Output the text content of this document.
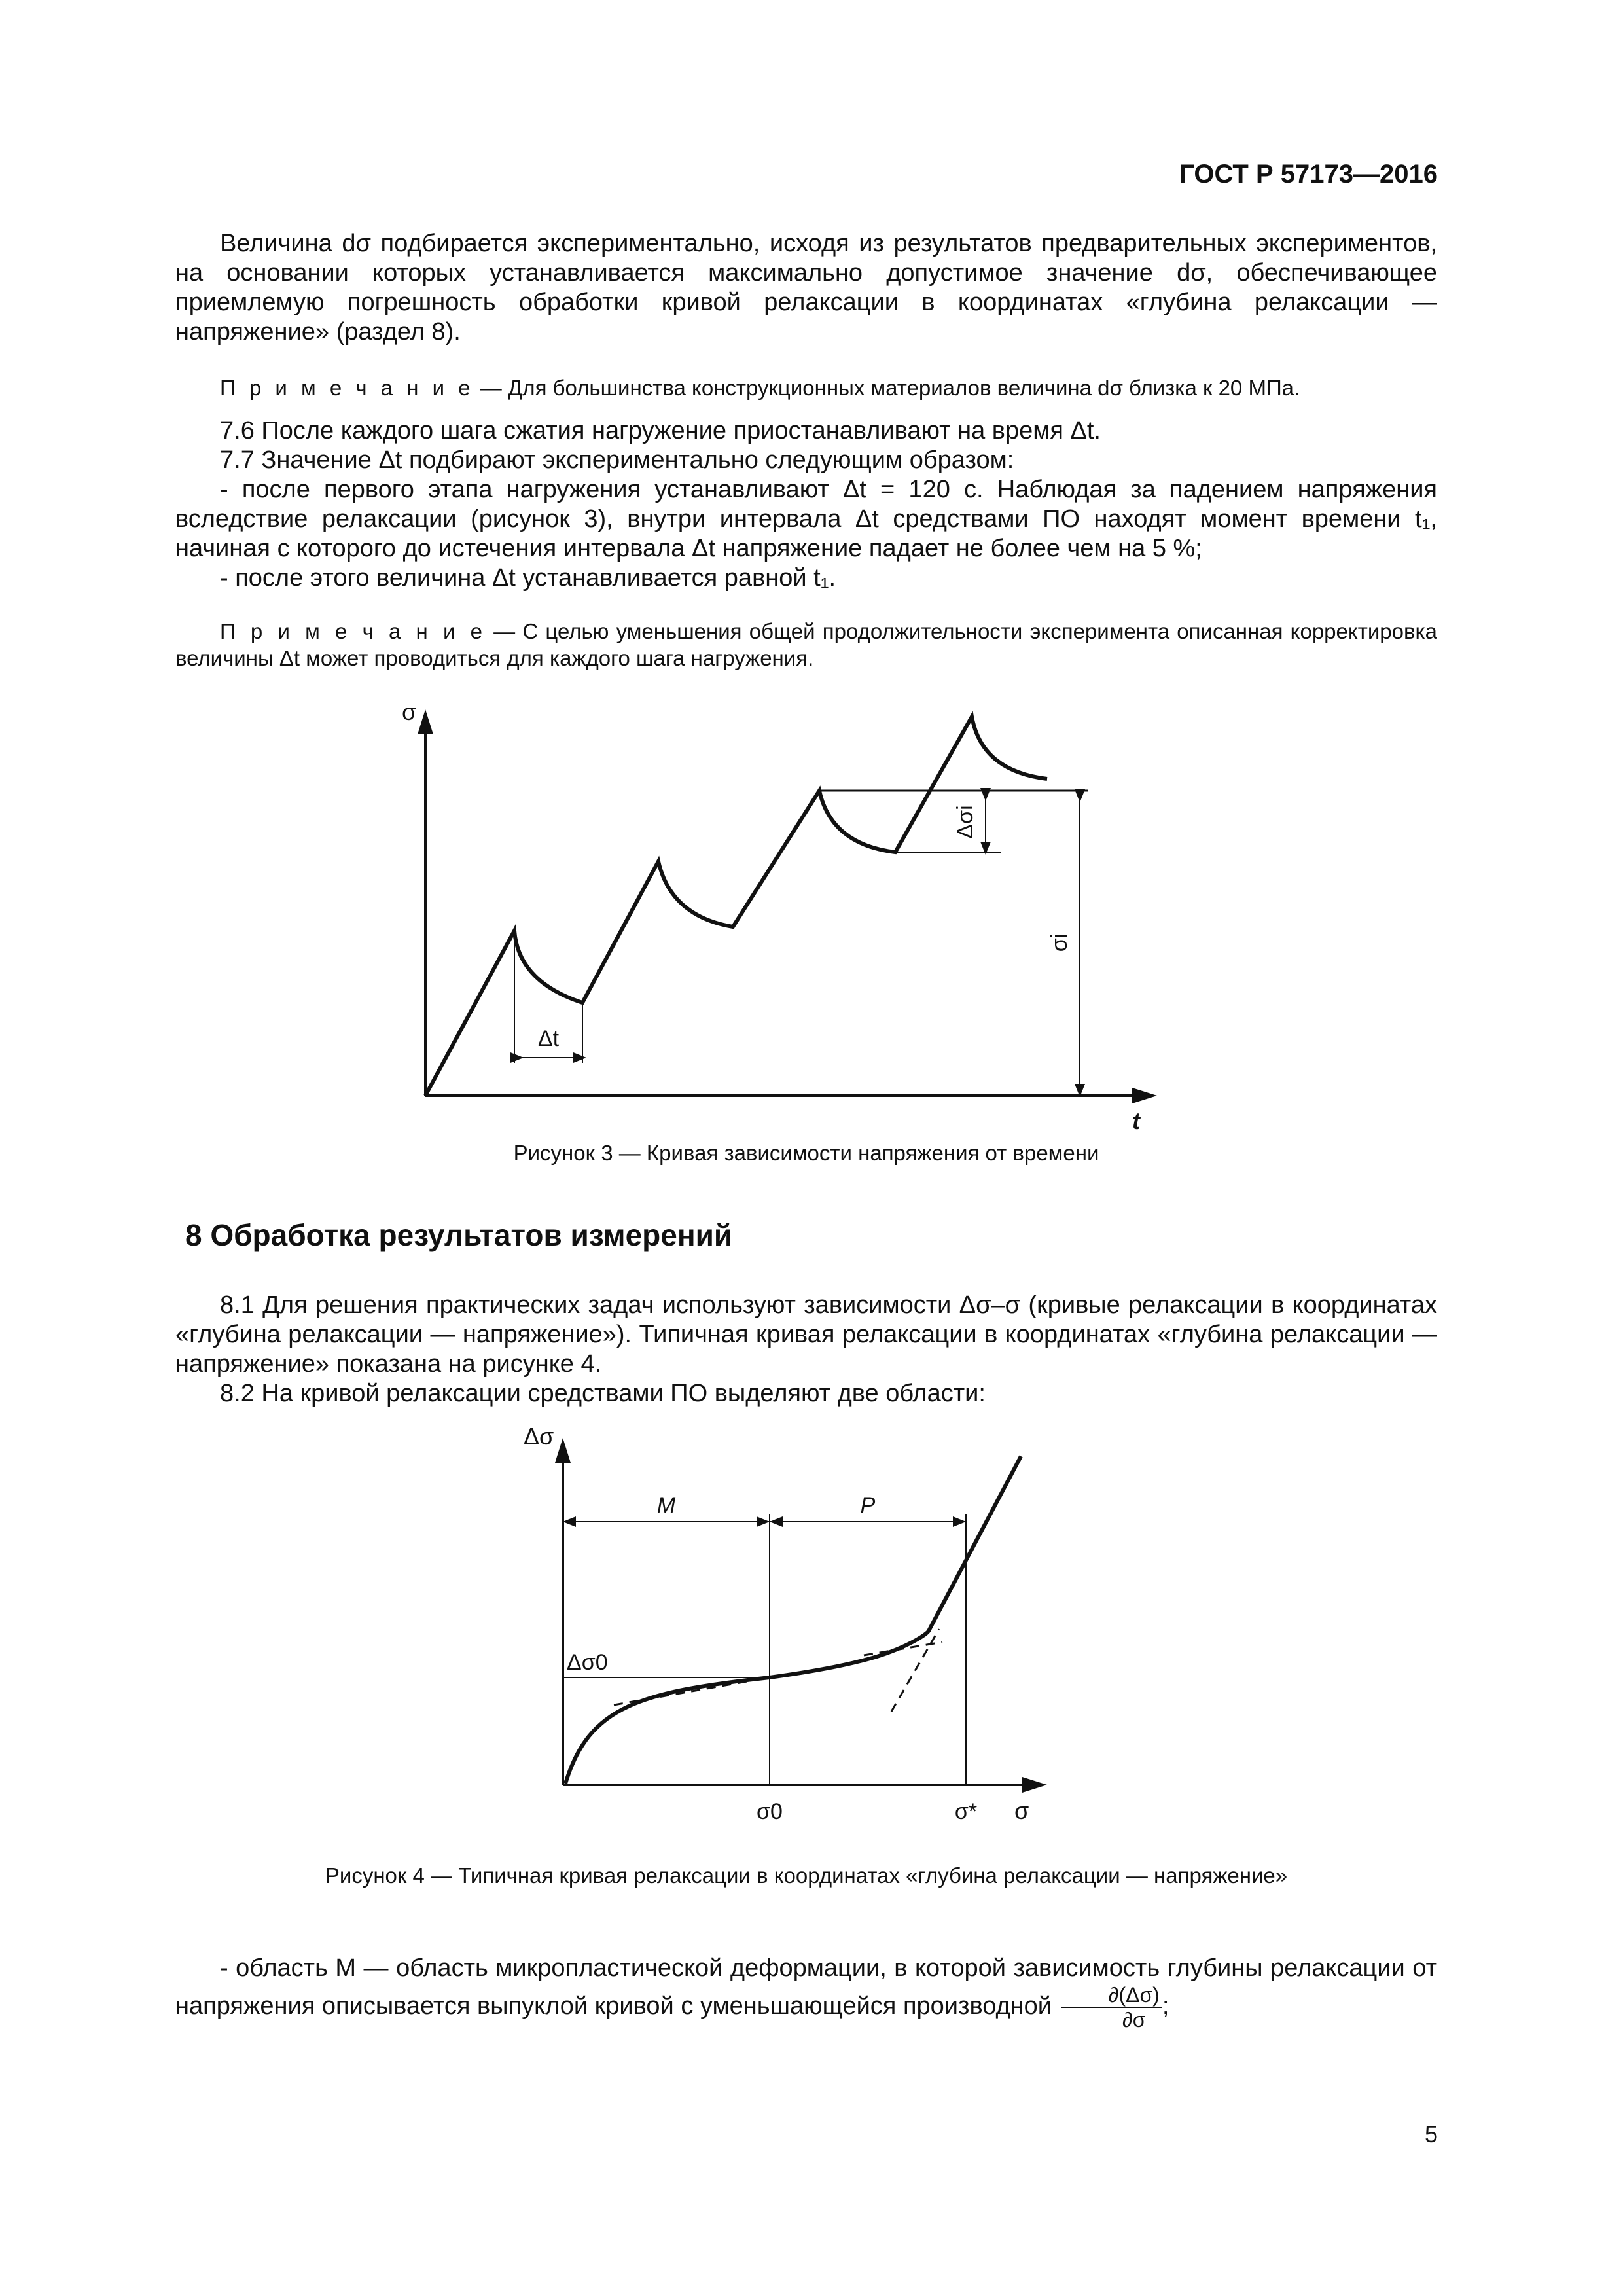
ГОСТ Р 57173—2016
Величина dσ подбирается экспериментально, исходя из результатов предварительных экспериментов, на основании которых устанавливается максимально допустимое значение dσ, обеспечивающее приемлемую погрешность обработки кривой релаксации в координатах «глубина релаксации — напряжение» (раздел 8).
П р и м е ч а н и е — Для большинства конструкционных материалов величина dσ близка к 20 МПа.
7.6 После каждого шага сжатия нагружение приостанавливают на время Δt.
7.7 Значение Δt подбирают экспериментально следующим образом:
- после первого этапа нагружения устанавливают Δt = 120 с. Наблюдая за падением напряжения вследствие релаксации (рисунок 3), внутри интервала Δt средствами ПО находят момент времени t₁, начиная с которого до истечения интервала Δt напряжение падает не более чем на 5 %;
- после этого величина Δt устанавливается равной t₁.
П р и м е ч а н и е — С целью уменьшения общей продолжительности эксперимента описанная корректировка величины Δt может проводиться для каждого шага нагружения.
Δt
Δσi
σi
σ
t
Рисунок 3 — Кривая зависимости напряжения от времени
8 Обработка результатов измерений
8.1 Для решения практических задач используют зависимости Δσ–σ (кривые релаксации в координатах «глубина релаксации — напряжение»). Типичная кривая релаксации в координатах «глубина релаксации — напряжение» показана на рисунке 4.
8.2 На кривой релаксации средствами ПО выделяют две области:
M	P
Δσ
Δσ0
σ0	σ* σ
Рисунок 4 — Типичная кривая релаксации в координатах «глубина релаксации — напряжение»
- область M — область микропластической деформации, в которой зависимость глубины релаксации от напряжения описывается выпуклой кривой с уменьшающейся производной $\frac{\partial(\Delta\sigma)}{\partial\sigma}$ ;
5
